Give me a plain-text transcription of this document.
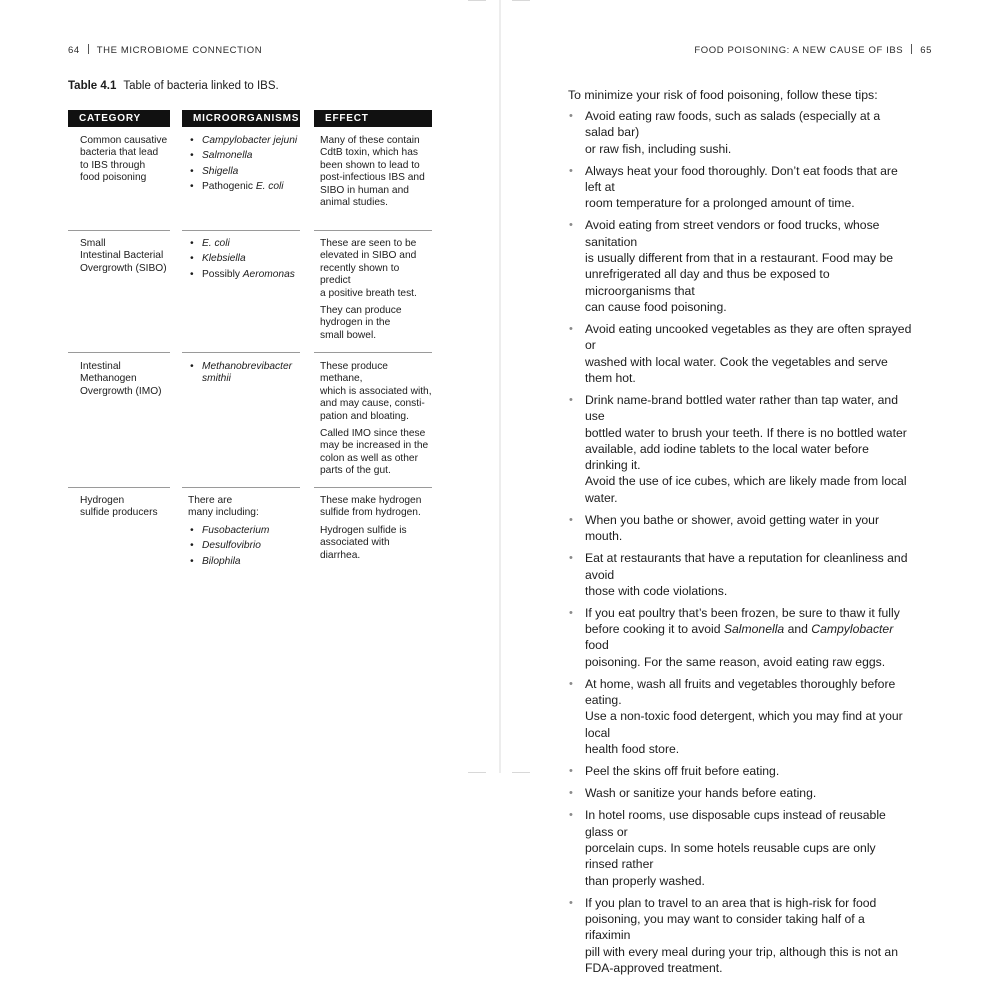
64 THE MICROBIOME CONNECTION
Table 4.1 Table of bacteria linked to IBS.
CATEGORY	MICROORGANISMS	EFFECT
Common causative
bacteria that lead
to IBS through
food poisoning
• Campylobacter jejuni
• Salmonella
• Shigella
• Pathogenic E. coli

Many of these contain
CdtB toxin, which has
been shown to lead to
post-infectious IBS and
SIBO in human and
animal studies.

Small
Intestinal Bacterial
Overgrowth (SIBO)
• E. coli
• Klebsiella
• Possibly Aeromonas

These are seen to be
elevated in SIBO and
recently shown to predict
a positive breath test.

They can produce
hydrogen in the
small bowel.

Intestinal
Methanogen
Overgrowth (IMO)
• Methanobrevibacter
smithii

These produce methane,
which is associated with,
and may cause, consti-
pation and bloating.

Called IMO since these
may be increased in the
colon as well as other
parts of the gut.

Hydrogen
sulfide producers

There are
many including:

• Fusobacterium
• Desulfovibrio
• Bilophila

These make hydrogen
sulfide from hydrogen.

Hydrogen sulfide is
associated with diarrhea.

FOOD POISONING: A NEW CAUSE OF IBS 65
To minimize your risk of food poisoning, follow these tips:
• Avoid eating raw foods, such as salads (especially at a salad bar)
or raw fish, including sushi.
• Always heat your food thoroughly. Don’t eat foods that are left at
room temperature for a prolonged amount of time.
• Avoid eating from street vendors or food trucks, whose sanitation
is usually different from that in a restaurant. Food may be
unrefrigerated all day and thus be exposed to microorganisms that
can cause food poisoning.
• Avoid eating uncooked vegetables as they are often sprayed or
washed with local water. Cook the vegetables and serve them hot.
• Drink name-brand bottled water rather than tap water, and use
bottled water to brush your teeth. If there is no bottled water
available, add iodine tablets to the local water before drinking it.
Avoid the use of ice cubes, which are likely made from local water.
• When you bathe or shower, avoid getting water in your mouth.
• Eat at restaurants that have a reputation for cleanliness and avoid
those with code violations.
• If you eat poultry that’s been frozen, be sure to thaw it fully
before cooking it to avoid Salmonella and Campylobacter food
poisoning. For the same reason, avoid eating raw eggs.
• At home, wash all fruits and vegetables thoroughly before eating.
Use a non-toxic food detergent, which you may find at your local
health food store.
• Peel the skins off fruit before eating.
• Wash or sanitize your hands before eating.
• In hotel rooms, use disposable cups instead of reusable glass or
porcelain cups. In some hotels reusable cups are only rinsed rather
than properly washed.
• If you plan to travel to an area that is high-risk for food
poisoning, you may want to consider taking half of a rifaximin
pill with every meal during your trip, although this is not an
FDA-approved treatment.
